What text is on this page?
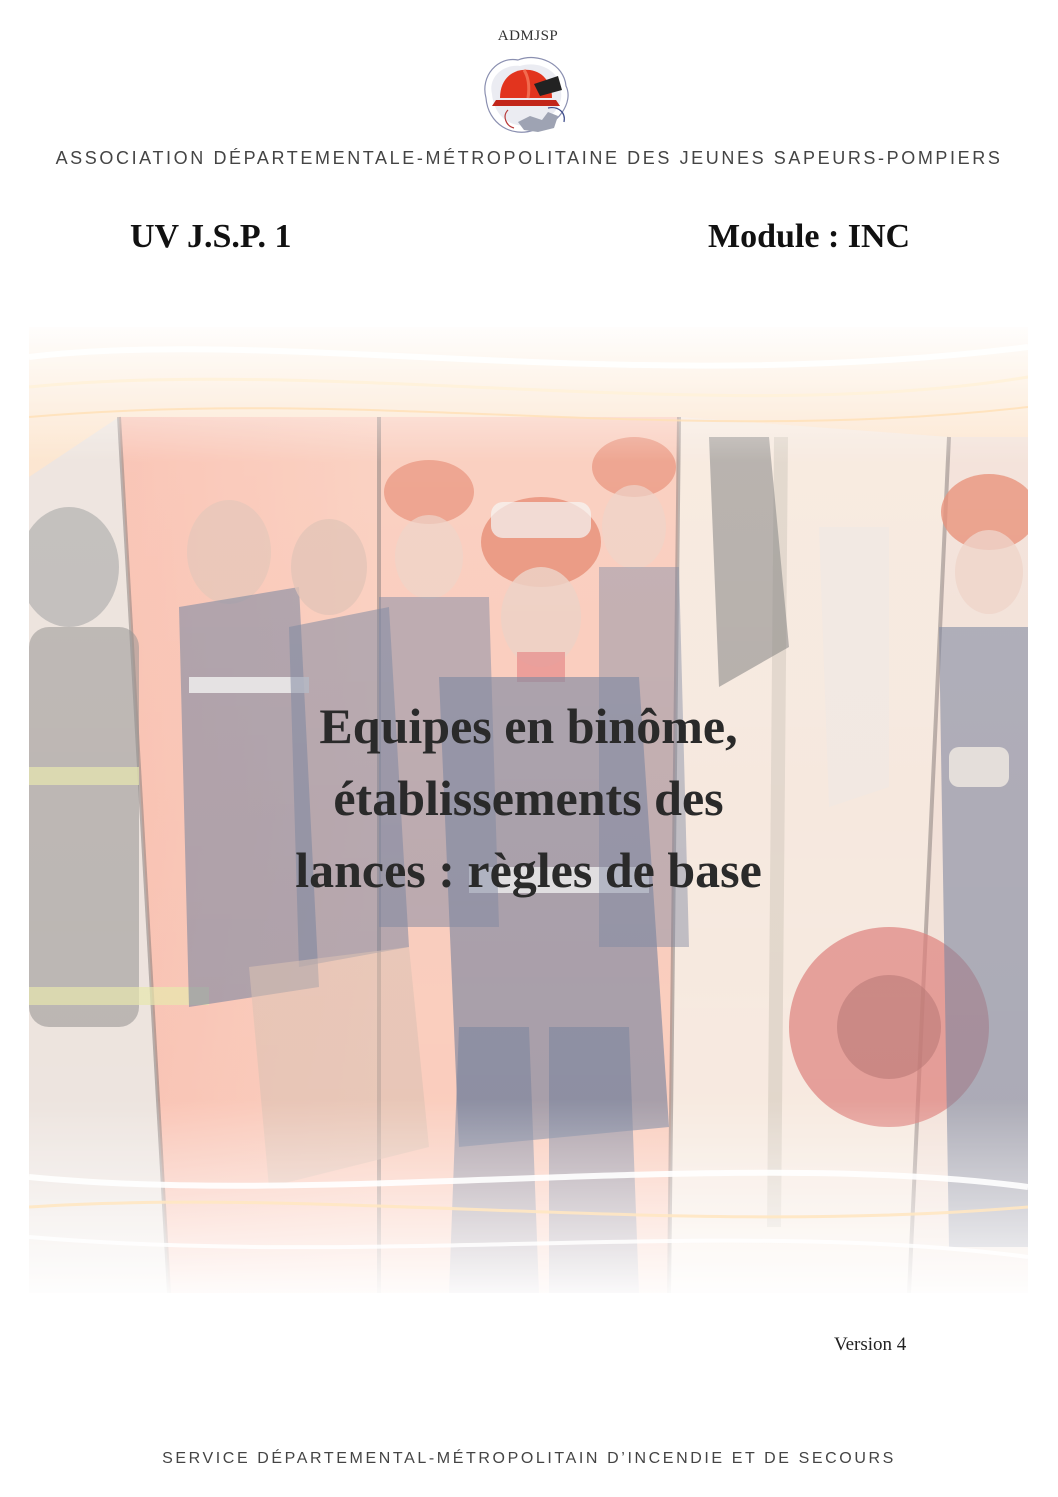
ADMJSP
ASSOCIATION DÉPARTEMENTALE-MÉTROPOLITAINE DES JEUNES SAPEURS-POMPIERS
UV J.S.P. 1	Module : INC
Equipes en binôme,
établissements des
lances : règles de base
Version 4
SERVICE DÉPARTEMENTAL-MÉTROPOLITAIN D’INCENDIE ET DE SECOURS
